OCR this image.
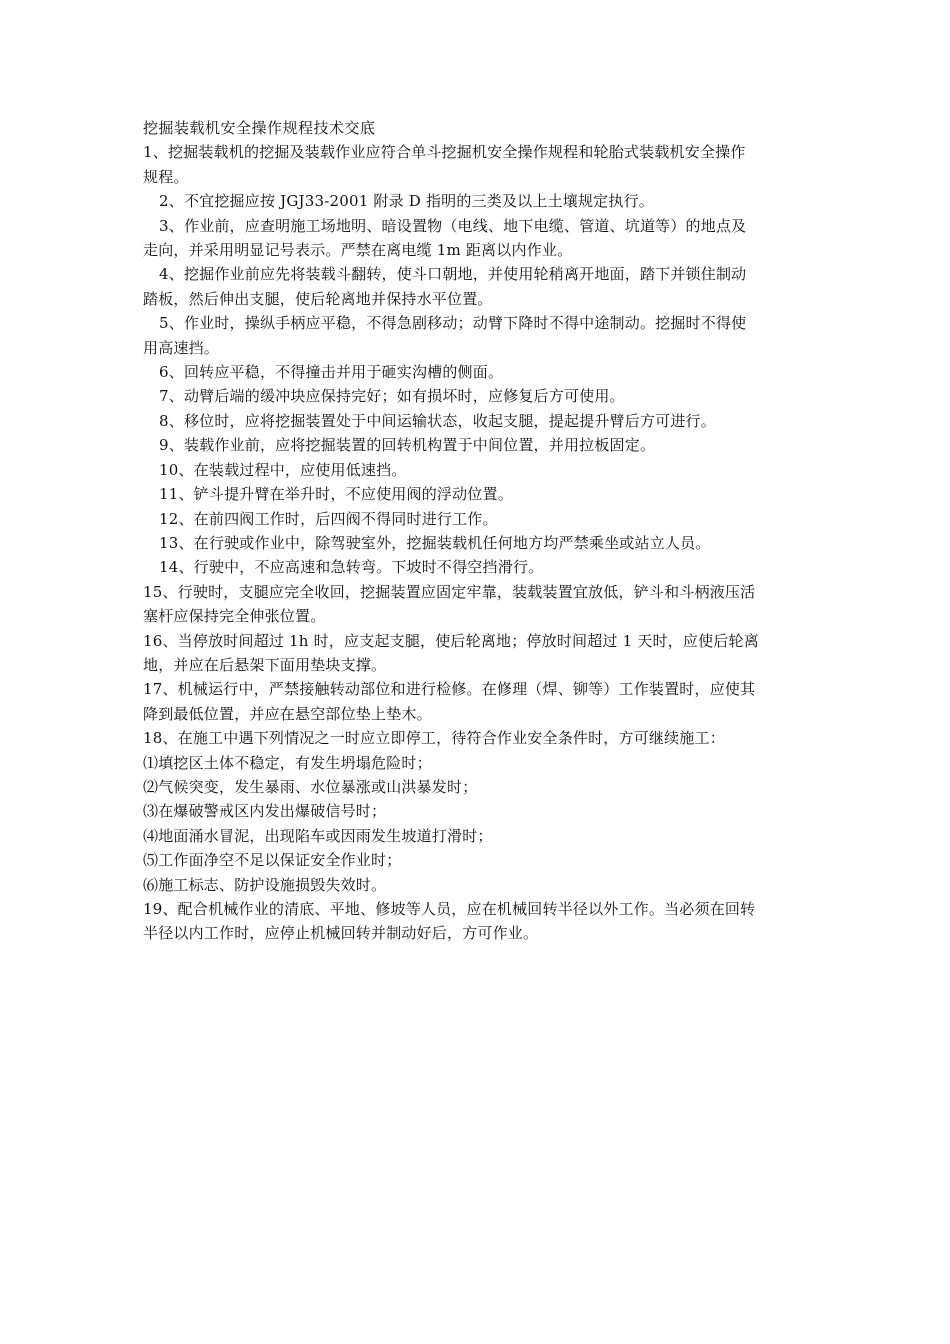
挖掘装载机安全操作规程技术交底
1、挖掘装载机的挖掘及装载作业应符合单斗挖掘机安全操作规程和轮胎式装载机安全操作
规程。
2、不宜挖掘应按 JGJ33-2001 附录 D 指明的三类及以上土壤规定执行。
3、作业前，应查明施工场地明、暗设置物（电线、地下电缆、管道、坑道等）的地点及
走向，并采用明显记号表示。严禁在离电缆 1m 距离以内作业。
4、挖掘作业前应先将装载斗翻转，使斗口朝地，并使用轮稍离开地面，踏下并锁住制动
踏板，然后伸出支腿，使后轮离地并保持水平位置。
5、作业时，操纵手柄应平稳，不得急剧移动；动臂下降时不得中途制动。挖掘时不得使
用高速挡。
6、回转应平稳，不得撞击并用于砸实沟槽的侧面。
7、动臂后端的缓冲块应保持完好；如有损坏时，应修复后方可使用。
8、移位时，应将挖掘装置处于中间运输状态，收起支腿，提起提升臂后方可进行。
9、装载作业前，应将挖掘装置的回转机构置于中间位置，并用拉板固定。
10、在装载过程中，应使用低速挡。
11、铲斗提升臂在举升时，不应使用阀的浮动位置。
12、在前四阀工作时，后四阀不得同时进行工作。
13、在行驶或作业中，除驾驶室外，挖掘装载机任何地方均严禁乘坐或站立人员。
14、行驶中，不应高速和急转弯。下坡时不得空挡滑行。
15、行驶时，支腿应完全收回，挖掘装置应固定牢靠，装载装置宜放低，铲斗和斗柄液压活
塞杆应保持完全伸张位置。
16、当停放时间超过 1h 时，应支起支腿，使后轮离地；停放时间超过 1 天时，应使后轮离
地，并应在后悬架下面用垫块支撑。
17、机械运行中，严禁接触转动部位和进行检修。在修理（焊、铆等）工作装置时，应使其
降到最低位置，并应在悬空部位垫上垫木。
18、在施工中遇下列情况之一时应立即停工，待符合作业安全条件时，方可继续施工：
⑴填挖区土体不稳定，有发生坍塌危险时；
⑵气候突变，发生暴雨、水位暴涨或山洪暴发时；
⑶在爆破警戒区内发出爆破信号时；
⑷地面涌水冒泥，出现陷车或因雨发生坡道打滑时；
⑸工作面净空不足以保证安全作业时；
⑹施工标志、防护设施损毁失效时。
19、配合机械作业的清底、平地、修坡等人员，应在机械回转半径以外工作。当必须在回转
半径以内工作时，应停止机械回转并制动好后，方可作业。
